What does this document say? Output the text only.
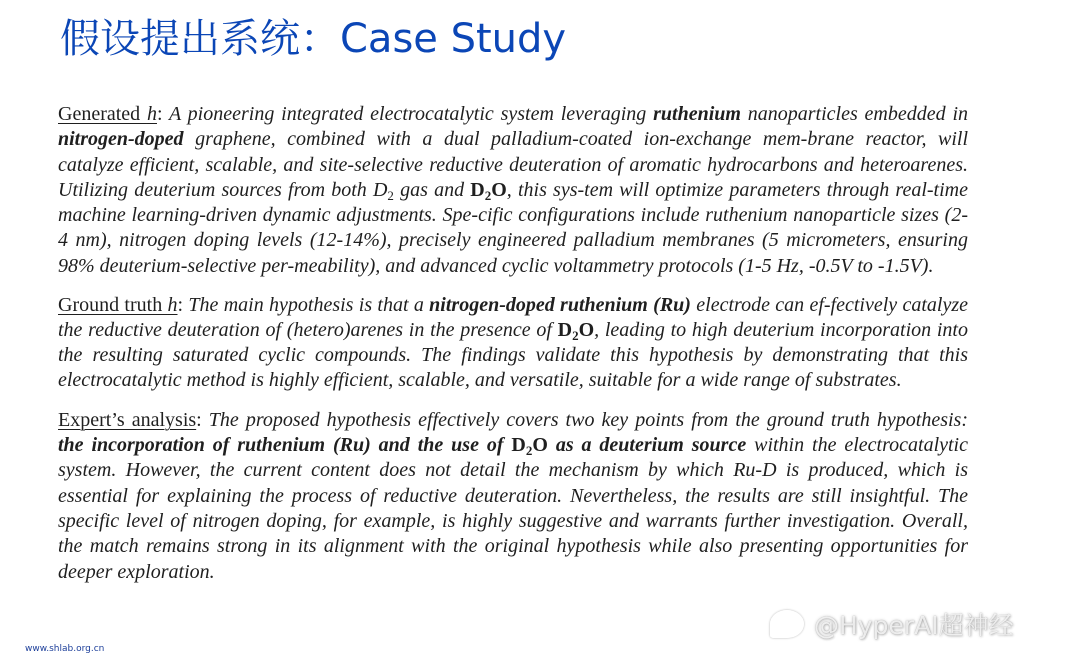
假设提出系统：Case Study

Generated h: A pioneering integrated electrocatalytic system leveraging ruthenium nanoparticles embedded in nitrogen-doped graphene, combined with a dual palladium-coated ion-exchange mem-brane reactor, will catalyze efficient, scalable, and site-selective reductive deuteration of aromatic hydrocarbons and heteroarenes. Utilizing deuterium sources from both $D_2$ gas and $D_2O$, this sys-tem will optimize parameters through real-time machine learning-driven dynamic adjustments. Spe-cific configurations include ruthenium nanoparticle sizes (2-4 nm), nitrogen doping levels (12-14%), precisely engineered palladium membranes (5 micrometers, ensuring 98% deuterium-selective per-meability), and advanced cyclic voltammetry protocols (1-5 Hz, -0.5V to -1.5V).

Ground truth h: The main hypothesis is that a nitrogen-doped ruthenium (Ru) electrode can ef-fectively catalyze the reductive deuteration of (hetero)arenes in the presence of $D_2O$, leading to high deuterium incorporation into the resulting saturated cyclic compounds. The findings validate this hypothesis by demonstrating that this electrocatalytic method is highly efficient, scalable, and versatile, suitable for a wide range of substrates.

Expert’s analysis: The proposed hypothesis effectively covers two key points from the ground truth hypothesis: the incorporation of ruthenium (Ru) and the use of $D_2O$ as a deuterium source within the electrocatalytic system. However, the current content does not detail the mechanism by which Ru-D is produced, which is essential for explaining the process of reductive deuteration. Nevertheless, the results are still insightful. The specific level of nitrogen doping, for example, is highly suggestive and warrants further investigation. Overall, the match remains strong in its alignment with the original hypothesis while also presenting opportunities for deeper exploration.

www.shlab.org.cn
@HyperAI超神经
